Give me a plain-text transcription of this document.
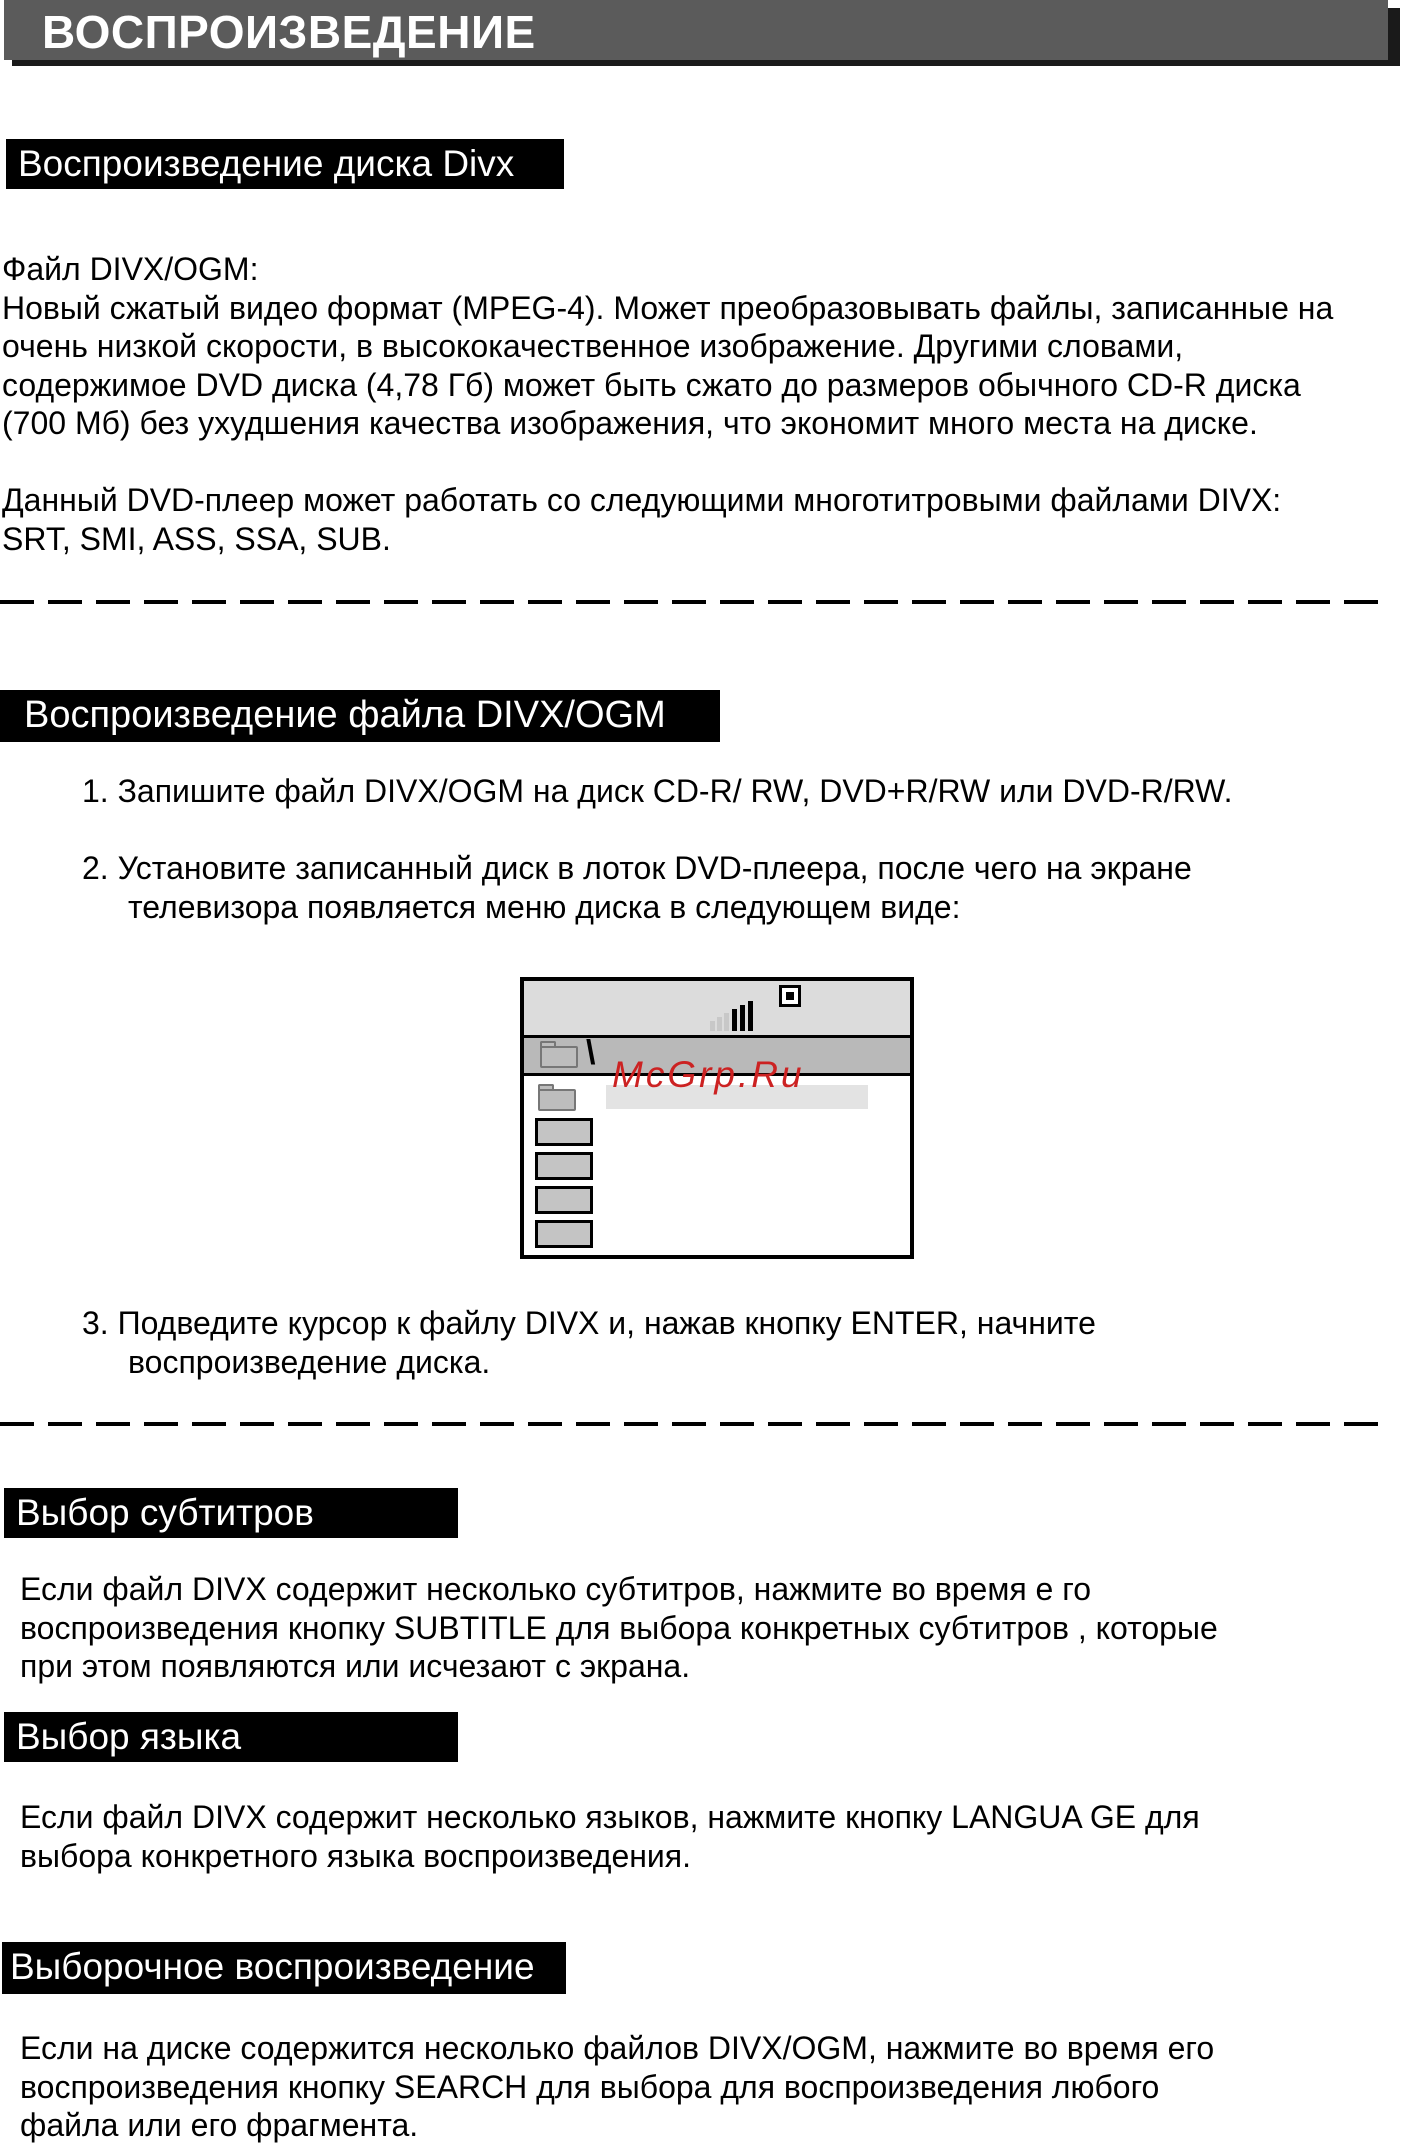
ВОСПРОИЗВЕДЕНИЕ
Воспроизведение диска Divx
Файл DIVX/OGM:
Новый сжатый видео формат (MPEG-4). Может преобразовывать файлы, записанные на
очень низкой скорости, в высококачественное изображение. Другими словами,
содержимое DVD диска (4,78 Гб) может быть сжато до размеров обычного CD-R диска
(700 Мб) без ухудшения качества изображения, что экономит много места на диске.
Данный DVD-плеер может работать со следующими многотитровыми файлами DIVX:
SRT, SMI, ASS, SSA, SUB.
Воспроизведение файла DIVX/OGM
1. Запишите файл DIVX/OGM на диск CD-R/ RW, DVD+R/RW или DVD-R/RW.
2. Установите записанный диск в лоток DVD-плеера, после чего на экране
телевизора появляется меню диска в следующем виде:
\
McGrp.Ru
3. Подведите курсор к файлу DIVX и, нажав кнопку ENTER, начните
воспроизведение диска.
Выбор субтитров
Если файл DIVX содержит несколько субтитров, нажмите во время е го
воспроизведения кнопку SUBTITLE для выбора конкретных субтитров , которые
при этом появляются или исчезают с экрана.
Выбор языка
Если файл DIVX содержит несколько языков, нажмите кнопку LANGUA GE для
выбора конкретного языка воспроизведения.
Выборочное воспроизведение
Если на диске содержится несколько файлов DIVX/OGM, нажмите во время его
воспроизведения кнопку SEARCH для выбора для воспроизведения любого
файла или его фрагмента.
